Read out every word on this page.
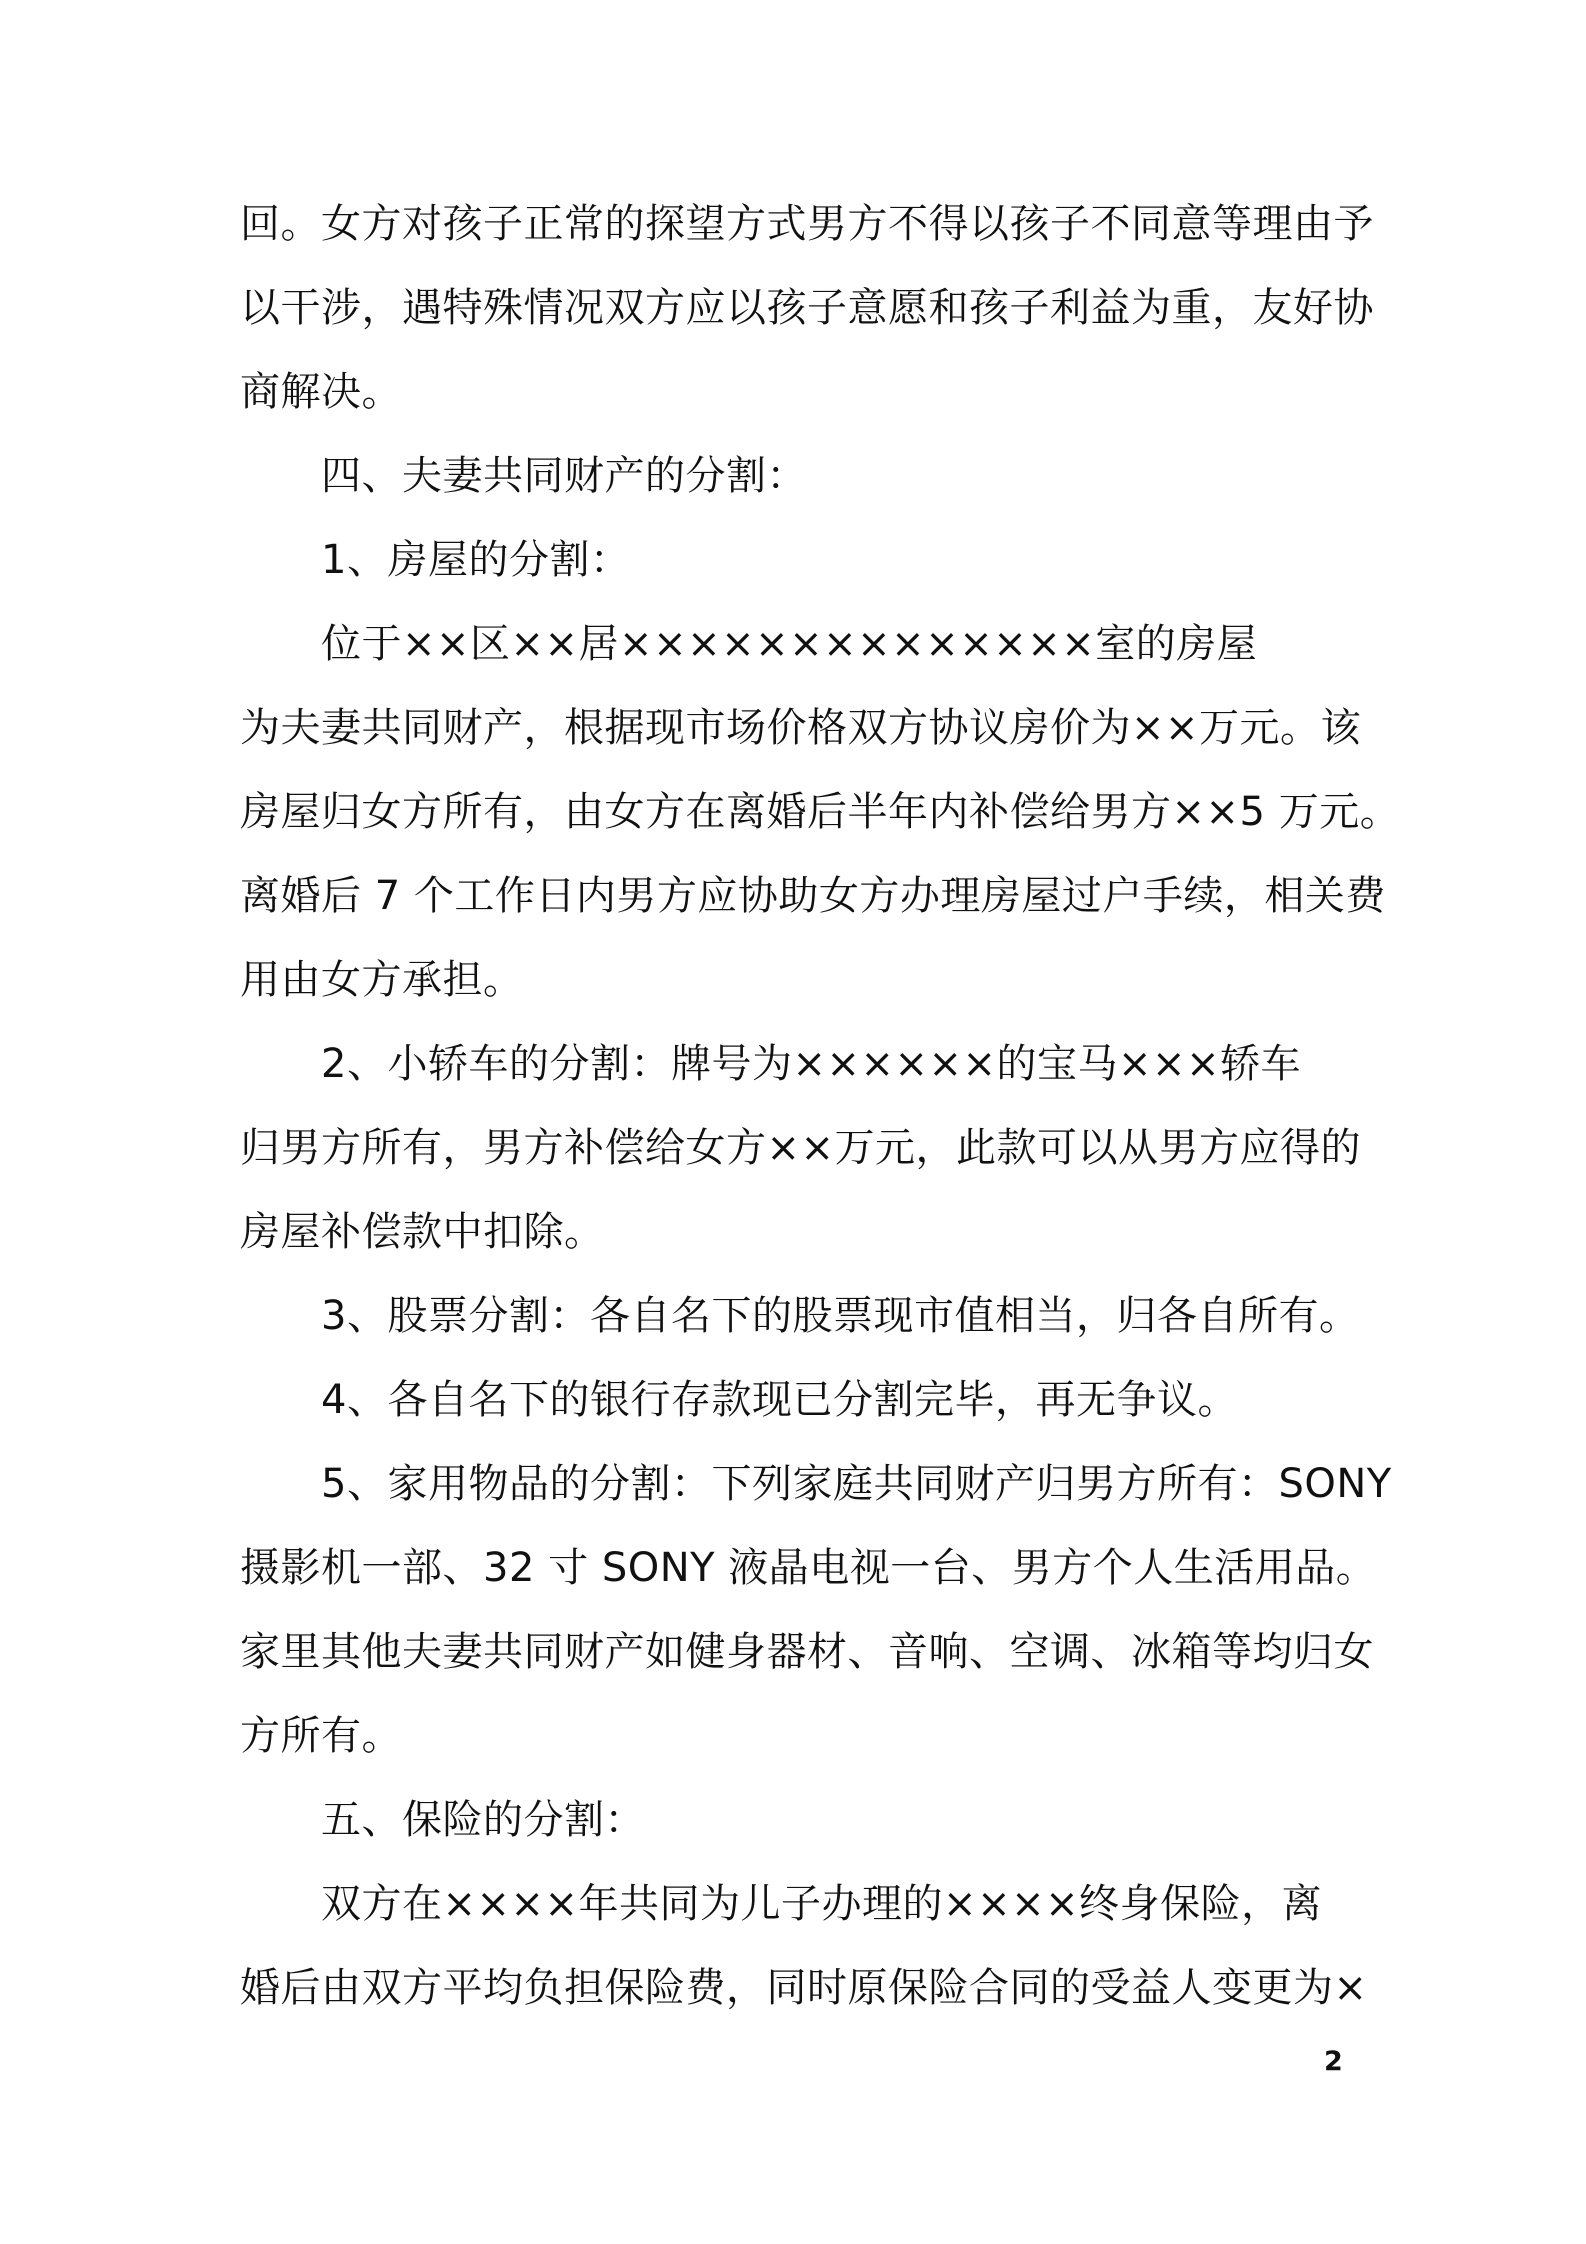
回。女方对孩子正常的探望方式男方不得以孩子不同意等理由予
以干涉，遇特殊情况双方应以孩子意愿和孩子利益为重，友好协
商解决。
四、夫妻共同财产的分割：
1、房屋的分割：
位于××区××居××××××××××××××室的房屋
为夫妻共同财产，根据现市场价格双方协议房价为××万元。该
房屋归女方所有，由女方在离婚后半年内补偿给男方××5 万元。
离婚后 7 个工作日内男方应协助女方办理房屋过户手续，相关费
用由女方承担。
2、小轿车的分割：牌号为××××××的宝马×××轿车
归男方所有，男方补偿给女方××万元，此款可以从男方应得的
房屋补偿款中扣除。
3、股票分割：各自名下的股票现市值相当，归各自所有。
4、各自名下的银行存款现已分割完毕，再无争议。
5、家用物品的分割：下列家庭共同财产归男方所有：SONY
摄影机一部、32 寸 SONY 液晶电视一台、男方个人生活用品。
家里其他夫妻共同财产如健身器材、音响、空调、冰箱等均归女
方所有。
五、保险的分割：
双方在××××年共同为儿子办理的××××终身保险，离
婚后由双方平均负担保险费，同时原保险合同的受益人变更为×
2
